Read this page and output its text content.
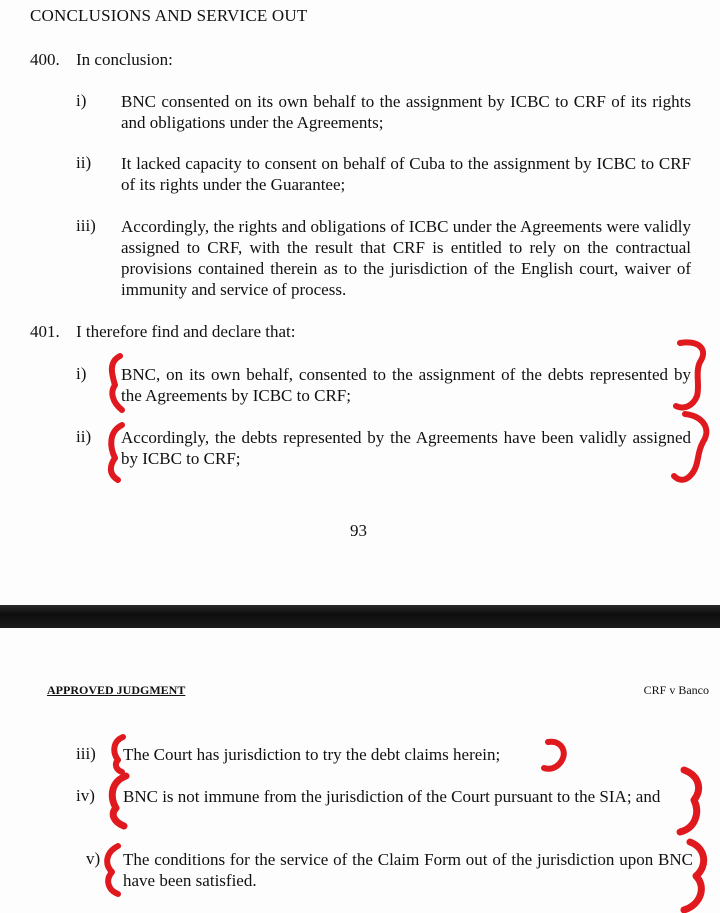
CONCLUSIONS AND SERVICE OUT
400. In conclusion:
i) BNC consented on its own behalf to the assignment by ICBC to CRF of its rights and obligations under the Agreements;
ii) It lacked capacity to consent on behalf of Cuba to the assignment by ICBC to CRF of its rights under the Guarantee;
iii) Accordingly, the rights and obligations of ICBC under the Agreements were validly assigned to CRF, with the result that CRF is entitled to rely on the contractual provisions contained therein as to the jurisdiction of the English court, waiver of immunity and service of process.
401. I therefore find and declare that:
i) BNC, on its own behalf, consented to the assignment of the debts represented by the Agreements by ICBC to CRF;
ii) Accordingly, the debts represented by the Agreements have been validly assigned by ICBC to CRF;
93
APPROVED JUDGMENT	CRF v Banco
iii) The Court has jurisdiction to try the debt claims herein;
iv) BNC is not immune from the jurisdiction of the Court pursuant to the SIA; and
v) The conditions for the service of the Claim Form out of the jurisdiction upon BNC have been satisfied.
